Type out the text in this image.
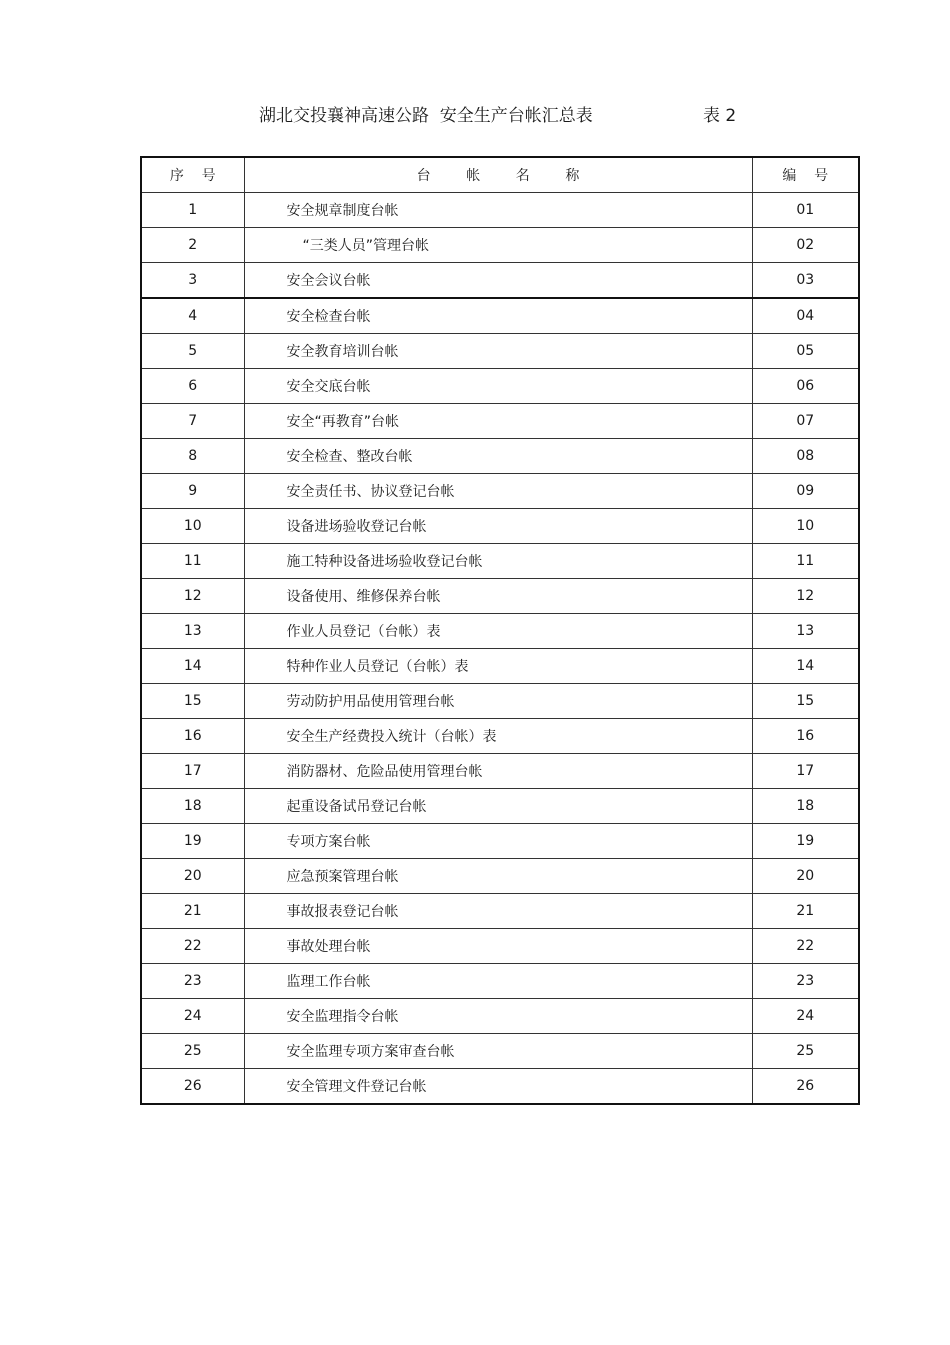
湖北交投襄神高速公路  安全生产台帐汇总表	表 2
序    号	台        帐        名        称	编    号
1	安全规章制度台帐	01
2	“三类人员”管理台帐	02
3	安全会议台帐	03
4	安全检查台帐	04
5	安全教育培训台帐	05
6	安全交底台帐	06
7	安全“再教育”台帐	07
8	安全检查、整改台帐	08
9	安全责任书、协议登记台帐	09
10	设备进场验收登记台帐	10
11	施工特种设备进场验收登记台帐	11
12	设备使用、维修保养台帐	12
13	作业人员登记（台帐）表	13
14	特种作业人员登记（台帐）表	14
15	劳动防护用品使用管理台帐	15
16	安全生产经费投入统计（台帐）表	16
17	消防器材、危险品使用管理台帐	17
18	起重设备试吊登记台帐	18
19	专项方案台帐	19
20	应急预案管理台帐	20
21	事故报表登记台帐	21
22	事故处理台帐	22
23	监理工作台帐	23
24	安全监理指令台帐	24
25	安全监理专项方案审查台帐	25
26	安全管理文件登记台帐	26
